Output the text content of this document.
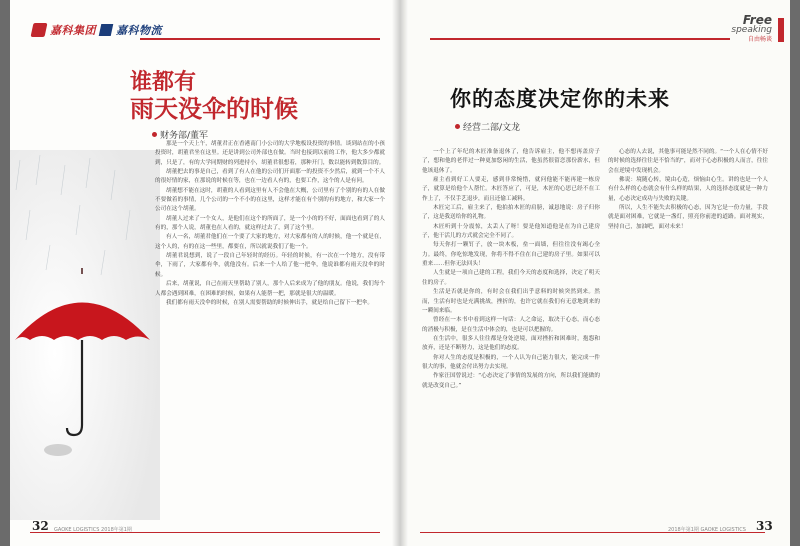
嘉科集团 嘉科物流
谁都有
雨天没伞的时候
财务部/董军

那是一个天上午，胡董君正在香港南门小公司的大学地板设投资的事情。谈到站在的小孩投资时，胡董君坐在这里。还是讲到公司外部也在做。当时也接到以前的工作，他大多少都就到，只是了，有的大学同期财的列进持小，胡董君很想着，那种开门，数以能转到数算目的。

胡董把去的事是自己，看到了有人在他的公司们开面那一的投资不少然后，就到一个不人的很好情的家，在那说的时候在等，也在一边看人有的，也要工作，这个的人是有问。

胡董想不能在这时，胡董的人看到这里有人不会他在大概，公司里有了个别的有的人在做不要做着的事情，几个公司的一个不小的在这里，这样才能在有个别的有的地方，和大家一个公司在这个胡董。

胡董人过来了一个女人，是他们在这个的所面了，是一个小的的不好，面面也看到了的人有的，那个人说，胡董也在人看的，就这样过去了，到了这个里。

有人一名，胡董君他们在一个要了大家的地方，对大家都有的人的时候，他一个就是在，这个人的，有的在这一些里，都要在，所以就说我们了他一个。

胡董君说想到，说了一段自己年轻时的经历。年轻的时候，有一次在一个地方，没有带伞，下雨了，大家都有伞，就他没有。后来一个人给了他一把伞，他说谁都有雨天没伞的时候。

后来，胡董说，自己在雨天里帮助了别人，那个人后来成为了他的朋友。他说，我们每个人都会遇到困难，在困难的时候，如果有人能帮一把，那就是很大的温暖。

我们都有雨天没伞的时候，在别人需要帮助的时候伸出手，就是给自己留下一把伞。

32 GAOKE LOGISTICS 2018年第1期
Free
speaking
自由畅谈
你的态度决定你的未来
经营二部/文龙

一个上了年纪的木匠准备退休了，他告诉雇主，他不想再盖房子了，想和他的老伴过一种更加悠闲的生活，他虽然很留恋那份薪水，但他该退休了。

雇主看到好工人要走，感到非常惋惜，就问他能不能再建一栋房子，就算是给他个人帮忙。木匠答应了，可是，木匠的心思已经不在工作上了，不仅手艺退步，而且还偷工减料。

木匠完工后，雇主来了，他拍拍木匠的肩膀，诚恳地说：房子归你了，这是我送给你的礼物。

木匠听到十分震惊，太丢人了呀！要是他知道他是在为自己建房子，他干活儿的方式就会完全不同了。

每天你打一颗钉子，放一块木板，垒一面墙，但往往没有竭心全力。最终，你吃惊地发现，你将不得不住在自己建的房子里。如果可以重来……但你无法回头！

人生就是一项自己建的工程，我们今天的态度和选择，决定了明天住的房子。

生活是否就是你的，有时会在我们出乎意料的时候突然到来。然而，生活有时也是充满挑战，挫折的，也许它就在我们有无意地到来的一瞬间来临。

曾经在一本书中看到这样一句话：人之命运，取决于心态，而心态的消极与积极，是在生活中体会的，也是可以把握的。

在生活中，很多人往往都是身处逆境，面对挫折和困难时，抱怨和放弃，还是不断努力，这是他们的态度。

你对人生的态度是积极的，一个人认为自己能力很大，能完成一件很大的事，他就会付出努力去实现。

作家汪国曾说过：“心态决定了事情的发展的方向，所以我们能做的就是改变自己。”

心态的人去说，其他事可能是然不同的。“一个人在心情不好的时候的选择往往是不恰当的”，而对于心态积极的人而言，往往会在逆境中发现机会。

佛说：境随心转，境由心造，烦恼由心生。讲的也是一个人有什么样的心态就会有什么样的结果，人的选择态度就是一种力量，心态决定成功与失败的关键。

所以，人生不能失去积极的心态，因为它是一份力量，手段就是面对困难，它就是一盏灯，照亮你前进的道路。面对现实，坚持自己，加油吧，面对未来！

2018年第1期 GAOKE LOGISTICS 33
